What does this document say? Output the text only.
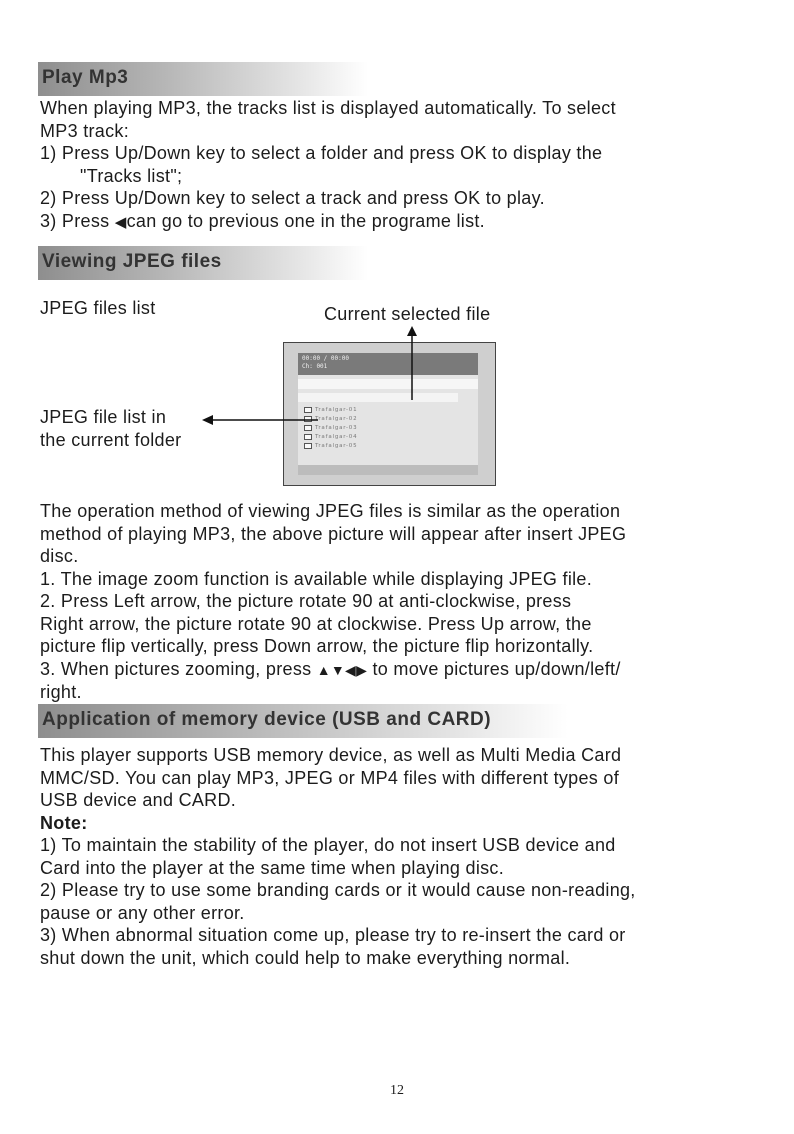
Play Mp3
When playing MP3, the tracks list is displayed automatically. To select
MP3 track:
1) Press Up/Down key to select a folder and press OK to display the
"Tracks list";
2) Press Up/Down key to select a track and press OK to play.
3) Press ◀can go to previous one in the programe list.
Viewing JPEG files
JPEG files list	Current selected file
JPEG file list in
the current folder
00:00 / 00:00
Ch: 001
Trafalgar-01
Trafalgar-02
Trafalgar-03
Trafalgar-04
Trafalgar-05
The operation method of viewing JPEG files is similar as the operation
method of playing MP3, the above picture will appear after insert JPEG
disc.
1. The image zoom function is available while displaying JPEG file.
2. Press Left arrow, the picture rotate 90 at anti-clockwise, press
Right arrow, the picture rotate 90 at clockwise. Press Up arrow, the
picture flip vertically, press Down arrow, the picture flip horizontally.
3. When pictures zooming, press ▲▼◀▶ to move pictures up/down/left/
right.
Application of memory device (USB and CARD)
This player supports USB memory device, as well as Multi Media Card
MMC/SD. You can play MP3, JPEG or MP4 files with different types of
USB device and CARD.
Note:
1) To maintain the stability of the player, do not insert USB device and
Card into the player at the same time when playing disc.
2) Please try to use some branding cards or it would cause non-reading,
pause or any other error.
3) When abnormal situation come up, please try to re-insert the card or
shut down the unit, which could help to make everything normal.
12
